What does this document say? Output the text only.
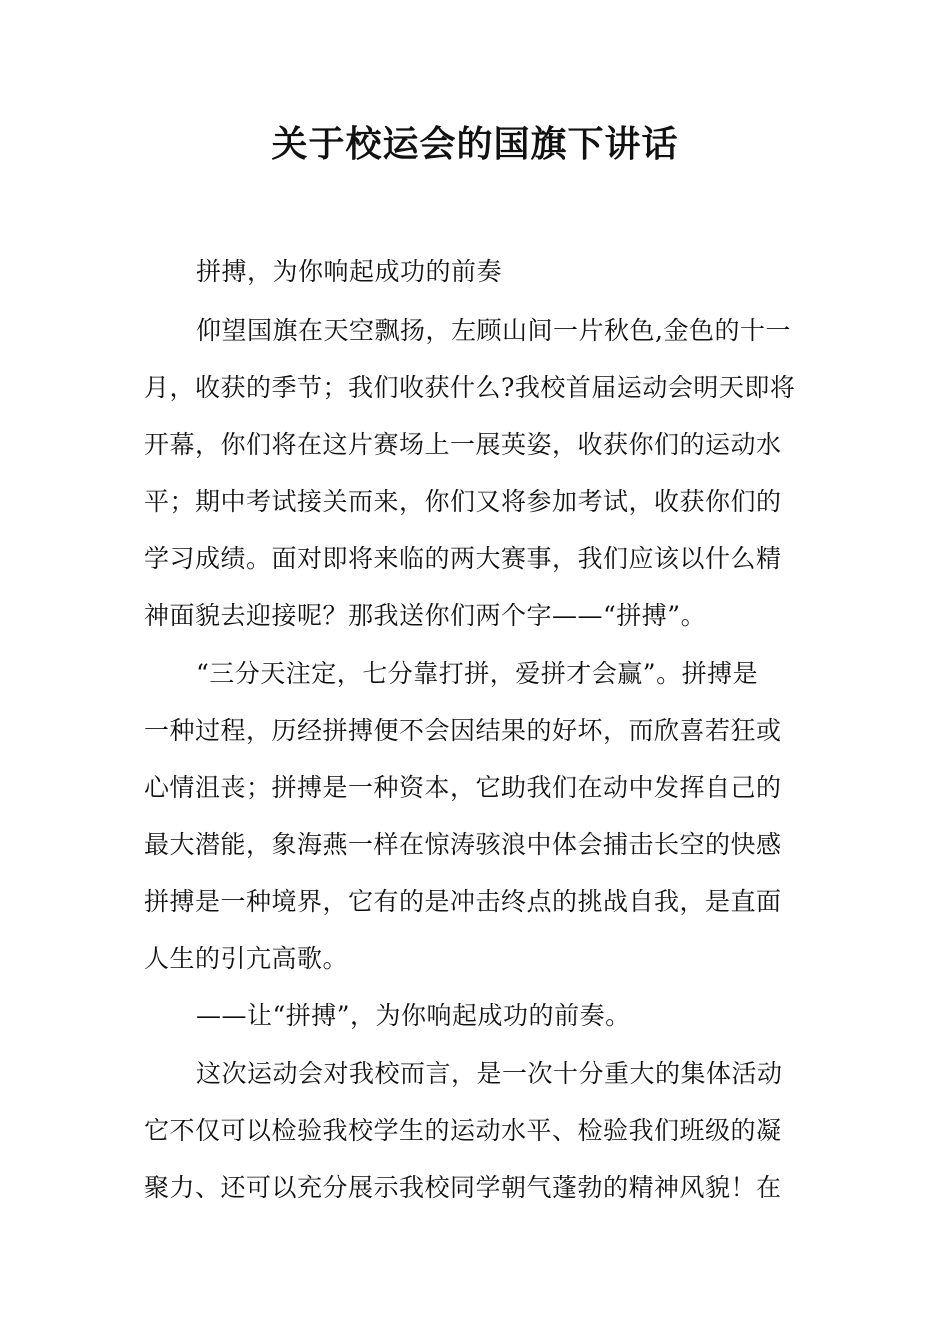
关于校运会的国旗下讲话
拼搏，为你响起成功的前奏
仰望国旗在天空飘扬，左顾山间一片秋色,金色的十一
月，收获的季节；我们收获什么?我校首届运动会明天即将
开幕，你们将在这片赛场上一展英姿，收获你们的运动水
平；期中考试接关而来，你们又将参加考试，收获你们的
学习成绩。面对即将来临的两大赛事，我们应该以什么精
神面貌去迎接呢？那我送你们两个字——“拼搏”。
“三分天注定，七分靠打拼，爱拼才会赢”。拼搏是
一种过程，历经拼搏便不会因结果的好坏，而欣喜若狂或
心情沮丧；拼搏是一种资本，它助我们在动中发挥自己的
最大潜能，象海燕一样在惊涛骇浪中体会捕击长空的快感
拼搏是一种境界，它有的是冲击终点的挑战自我，是直面
人生的引亢高歌。
——让“拼搏”，为你响起成功的前奏。
这次运动会对我校而言，是一次十分重大的集体活动
它不仅可以检验我校学生的运动水平、检验我们班级的凝
聚力、还可以充分展示我校同学朝气蓬勃的精神风貌！在
